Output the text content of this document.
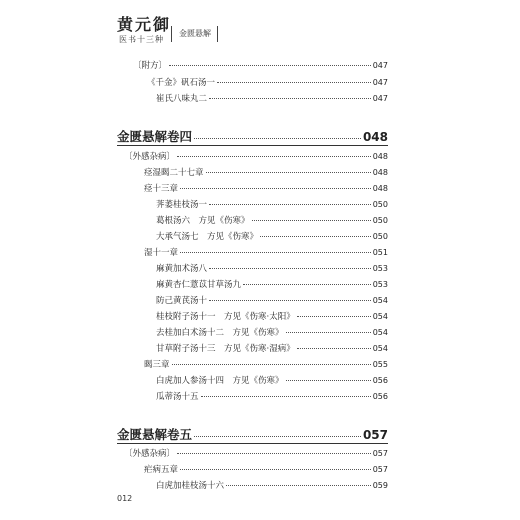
黄元御
医书十三种
金匮悬解
〔附方〕	047
《千金》矾石汤一	047
崔氏八味丸二	047
金匮悬解卷四	048
〔外感杂病〕	048
痉湿暍二十七章	048
痉十三章	048
荠萎桂枝汤一	050
葛根汤六　方见《伤寒》	050
大承气汤七　方见《伤寒》	050
湿十一章	051
麻黄加术汤八	053
麻黄杏仁薏苡甘草汤九	053
防己黄芪汤十	054
桂枝附子汤十一　方见《伤寒·太阳》	054
去桂加白术汤十二　方见《伤寒》	054
甘草附子汤十三　方见《伤寒·湿病》	054
暍三章	055
白虎加人参汤十四　方见《伤寒》	056
瓜蒂汤十五	056
金匮悬解卷五	057
〔外感杂病〕	057
疟病五章	057
白虎加桂枝汤十六	059
012
